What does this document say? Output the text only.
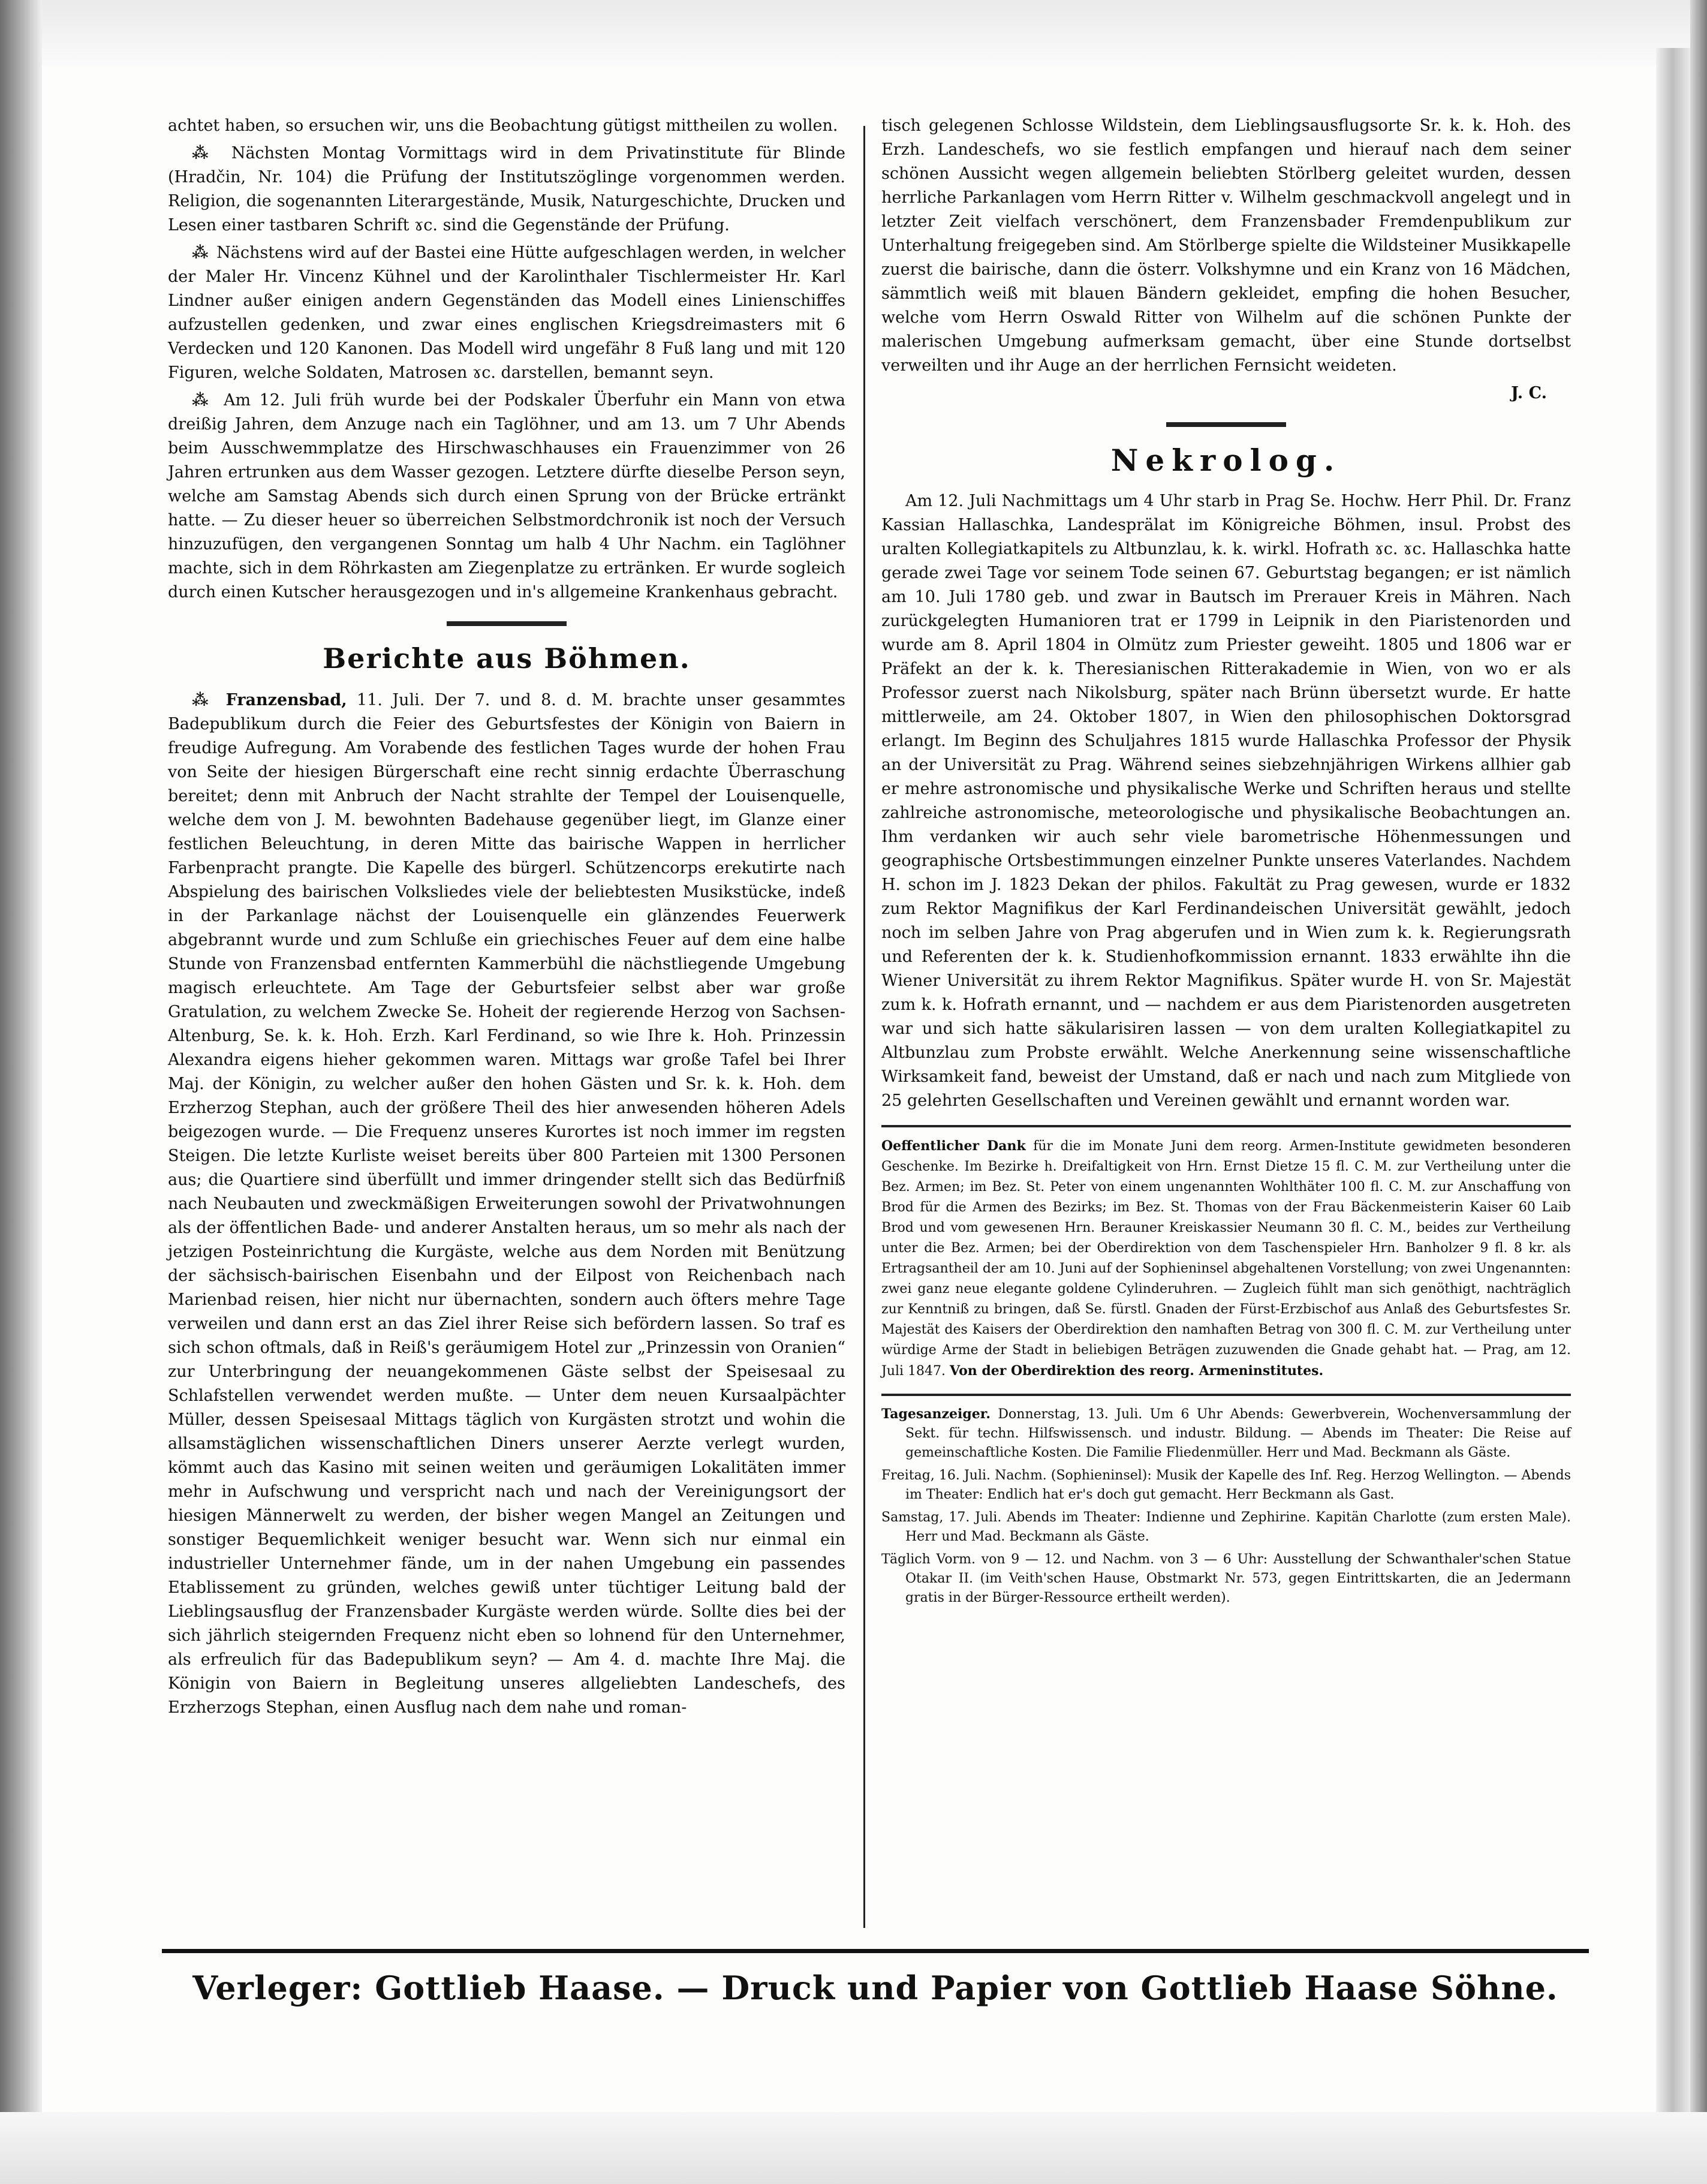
achtet haben, so ersuchen wir, uns die Beobachtung gütigst mittheilen zu wollen.

⁂ Nächsten Montag Vormittags wird in dem Privatinstitute für Blinde (Hradčin, Nr. 104) die Prüfung der Institutszöglinge vorgenommen werden. Religion, die sogenannten Literargeständе, Musik, Naturgeschichte, Drucken und Lesen einer tastbaren Schrift ɤc. sind die Gegenstände der Prüfung.

⁂ Nächstens wird auf der Bastei eine Hütte aufgeschlagen werden, in welcher der Maler Hr. Vincenz Kühnel und der Karolinthaler Tischlermeister Hr. Karl Lindner außer einigen andern Gegenständen das Modell eines Linienschiffes aufzustellen gedenken, und zwar eines englischen Kriegsdreimasters mit 6 Verdecken und 120 Kanonen. Das Modell wird ungefähr 8 Fuß lang und mit 120 Figuren, welche Soldaten, Matrosen ɤc. darstellen, bemannt seyn.

⁂ Am 12. Juli früh wurde bei der Podskaler Überfuhr ein Mann von etwa dreißig Jahren, dem Anzuge nach ein Taglöhner, und am 13. um 7 Uhr Abends beim Ausschwemmplatze des Hirschwaschhauses ein Frauenzimmer von 26 Jahren ertrunken aus dem Wasser gezogen. Letztere dürfte dieselbe Person seyn, welche am Samstag Abends sich durch einen Sprung von der Brücke ertränkt hatte. — Zu dieser heuer so überreichen Selbstmordchronik ist noch der Versuch hinzuzufügen, den vergangenen Sonntag um halb 4 Uhr Nachm. ein Taglöhner machte, sich in dem Röhrkasten am Ziegenplatze zu ertränken. Er wurde sogleich durch einen Kutscher herausgezogen und in's allgemeine Krankenhaus gebracht.

Berichte aus Böhmen.

⁂ Franzensbad, 11. Juli. Der 7. und 8. d. M. brachte unser gesammtes Badepublikum durch die Feier des Geburtsfestes der Königin von Baiern in freudige Aufregung. Am Vorabende des festlichen Tages wurde der hohen Frau von Seite der hiesigen Bürgerschaft eine recht sinnig erdachte Überraschung bereitet; denn mit Anbruch der Nacht strahlte der Tempel der Louisenquelle, welche dem von J. M. bewohnten Badehause gegenüber liegt, im Glanze einer festlichen Beleuchtung, in deren Mitte das bairische Wappen in herrlicher Farbenpracht prangte. Die Kapelle des bürgerl. Schützencorps erekutirte nach Abspielung des bairischen Volksliedes viele der beliebtesten Musikstücke, indeß in der Parkanlage nächst der Louisenquelle ein glänzendes Feuerwerk abgebrannt wurde und zum Schluße ein griechisches Feuer auf dem eine halbe Stunde von Franzensbad entfernten Kammerbühl die nächstliegende Umgebung magisch erleuchtete. Am Tage der Geburtsfeier selbst aber war große Gratulation, zu welchem Zwecke Se. Hoheit der regierende Herzog von Sachsen-Altenburg, Se. k. k. Hoh. Erzh. Karl Ferdinand, so wie Ihre k. Hoh. Prinzessin Alexandra eigens hieher gekommen waren. Mittags war große Tafel bei Ihrer Maj. der Königin, zu welcher außer den hohen Gästen und Sr. k. k. Hoh. dem Erzherzog Stephan, auch der größere Theil des hier anwesenden höheren Adels beigezogen wurde. — Die Frequenz unseres Kurortes ist noch immer im regsten Steigen. Die letzte Kurliste weiset bereits über 800 Parteien mit 1300 Personen aus; die Quartiere sind überfüllt und immer dringender stellt sich das Bedürfniß nach Neubauten und zweckmäßigen Erweiterungen sowohl der Privatwohnungen als der öffentlichen Bade- und anderer Anstalten heraus, um so mehr als nach der jetzigen Posteinrichtung die Kurgäste, welche aus dem Norden mit Benützung der sächsisch-bairischen Eisenbahn und der Eilpost von Reichenbach nach Marienbad reisen, hier nicht nur übernachten, sondern auch öfters mehre Tage verweilen und dann erst an das Ziel ihrer Reise sich befördern lassen. So traf es sich schon oftmals, daß in Reiß's geräumigem Hotel zur „Prinzessin von Oranien“ zur Unterbringung der neuangekommenen Gäste selbst der Speisesaal zu Schlafstellen verwendet werden mußte. — Unter dem neuen Kursaalpächter Müller, dessen Speisesaal Mittags täglich von Kurgästen strotzt und wohin die allsamstäglichen wissenschaftlichen Diners unserer Aerzte verlegt wurden, kömmt auch das Kasino mit seinen weiten und geräumigen Lokalitäten immer mehr in Aufschwung und verspricht nach und nach der Vereinigungsort der hiesigen Männerwelt zu werden, der bisher wegen Mangel an Zeitungen und sonstiger Bequemlichkeit weniger besucht war. Wenn sich nur einmal ein industrieller Unternehmer fände, um in der nahen Umgebung ein passendes Etablissement zu gründen, welches gewiß unter tüchtiger Leitung bald der Lieblingsausflug der Franzensbader Kurgäste werden würde. Sollte dies bei der sich jährlich steigernden Frequenz nicht eben so lohnend für den Unternehmer, als erfreulich für das Badepublikum seyn? — Am 4. d. machte Ihre Maj. die Königin von Baiern in Begleitung unseres allgeliebten Landeschefs, des Erzherzogs Stephan, einen Ausflug nach dem nahe und roman-

tisch gelegenen Schlosse Wildstein, dem Lieblingsausflugsorte Sr. k. k. Hoh. des Erzh. Landeschefs, wo sie festlich empfangen und hierauf nach dem seiner schönen Aussicht wegen allgemein beliebten Störlberg geleitet wurden, dessen herrliche Parkanlagen vom Herrn Ritter v. Wilhelm geschmackvoll angelegt und in letzter Zeit vielfach verschönert, dem Franzensbader Fremdenpublikum zur Unterhaltung freigegeben sind. Am Störlberge spielte die Wildsteiner Musikkapelle zuerst die bairische, dann die österr. Volkshymne und ein Kranz von 16 Mädchen, sämmtlich weiß mit blauen Bändern gekleidet, empfing die hohen Besucher, welche vom Herrn Oswald Ritter von Wilhelm auf die schönen Punkte der malerischen Umgebung aufmerksam gemacht, über eine Stunde dortselbst verweilten und ihr Auge an der herrlichen Fernsicht weideten.

J. C.
Nekrolog.

Am 12. Juli Nachmittags um 4 Uhr starb in Prag Se. Hochw. Herr Phil. Dr. Franz Kassian Hallaschka, Landesprälat im Königreiche Böhmen, insul. Probst des uralten Kollegiatkapitels zu Altbunzlau, k. k. wirkl. Hofrath ɤc. ɤc. Hallaschka hatte gerade zwei Tage vor seinem Tode seinen 67. Geburtstag begangen; er ist nämlich am 10. Juli 1780 geb. und zwar in Bautsch im Prerauer Kreis in Mähren. Nach zurückgelegten Humanioren trat er 1799 in Leipnik in den Piaristenorden und wurde am 8. April 1804 in Olmütz zum Priester geweiht. 1805 und 1806 war er Präfekt an der k. k. Theresianischen Ritterakademie in Wien, von wo er als Professor zuerst nach Nikolsburg, später nach Brünn übersetzt wurde. Er hatte mittlerweile, am 24. Oktober 1807, in Wien den philosophischen Doktorsgrad erlangt. Im Beginn des Schuljahres 1815 wurde Hallaschka Professor der Physik an der Universität zu Prag. Während seines siebzehnjährigen Wirkens allhier gab er mehre astronomische und physikalische Werke und Schriften heraus und stellte zahlreiche astronomische, meteorologische und physikalische Beobachtungen an. Ihm verdanken wir auch sehr viele barometrische Höhenmessungen und geographische Ortsbestimmungen einzelner Punkte unseres Vaterlandes. Nachdem H. schon im J. 1823 Dekan der philos. Fakultät zu Prag gewesen, wurde er 1832 zum Rektor Magnifikus der Karl Ferdinandeischen Universität gewählt, jedoch noch im selben Jahre von Prag abgerufen und in Wien zum k. k. Regierungsrath und Referenten der k. k. Studienhofkommission ernannt. 1833 erwählte ihn die Wiener Universität zu ihrem Rektor Magnifikus. Später wurde H. von Sr. Majestät zum k. k. Hofrath ernannt, und — nachdem er aus dem Piaristenorden ausgetreten war und sich hatte säkularisiren lassen — von dem uralten Kollegiatkapitel zu Altbunzlau zum Probste erwählt. Welche Anerkennung seine wissenschaftliche Wirksamkeit fand, beweist der Umstand, daß er nach und nach zum Mitgliede von 25 gelehrten Gesellschaften und Vereinen gewählt und ernannt worden war.

Oeffentlicher Dank für die im Monate Juni dem reorg. Armen-Institute gewidmeten besonderen Geschenke. Im Bezirke h. Dreifaltigkeit von Hrn. Ernst Dietze 15 fl. C. M. zur Vertheilung unter die Bez. Armen; im Bez. St. Peter von einem ungenannten Wohlthäter 100 fl. C. M. zur Anschaffung von Brod für die Armen des Bezirks; im Bez. St. Thomas von der Frau Bäckenmeisterin Kaiser 60 Laib Brod und vom gewesenen Hrn. Berauner Kreiskassier Neumann 30 fl. C. M., beides zur Vertheilung unter die Bez. Armen; bei der Oberdirektion von dem Taschenspieler Hrn. Banholzer 9 fl. 8 kr. als Ertragsantheil der am 10. Juni auf der Sophieninsel abgehaltenen Vorstellung; von zwei Ungenannten: zwei ganz neue elegante goldene Cylinderuhren. — Zugleich fühlt man sich genöthigt, nachträglich zur Kenntniß zu bringen, daß Se. fürstl. Gnaden der Fürst-Erzbischof aus Anlaß des Geburtsfestes Sr. Majestät des Kaisers der Oberdirektion den namhaften Betrag von 300 fl. C. M. zur Vertheilung unter würdige Arme der Stadt in beliebigen Beträgen zuzuwenden die Gnade gehabt hat. — Prag, am 12. Juli 1847. Von der Oberdirektion des reorg. Armeninstitutes.

Tagesanzeiger. Donnerstag, 13. Juli. Um 6 Uhr Abends: Gewerbverein, Wochenversammlung der Sekt. für techn. Hilfswissensch. und industr. Bildung. — Abends im Theater: Die Reise auf gemeinschaftliche Kosten. Die Familie Fliedenmüller. Herr und Mad. Beckmann als Gäste.

Freitag, 16. Juli. Nachm. (Sophieninsel): Musik der Kapelle des Inf. Reg. Herzog Wellington. — Abends im Theater: Endlich hat er's doch gut gemacht. Herr Beckmann als Gast.

Samstag, 17. Juli. Abends im Theater: Indienne und Zephirine. Kapitän Charlotte (zum ersten Male). Herr und Mad. Beckmann als Gäste.

Täglich Vorm. von 9 — 12. und Nachm. von 3 — 6 Uhr: Ausstellung der Schwanthaler'schen Statue Otakar II. (im Veith'schen Hause, Obstmarkt Nr. 573, gegen Eintrittskarten, die an Jedermann gratis in der Bürger-Ressource ertheilt werden).

Verleger: Gottlieb Haase. — Druck und Papier von Gottlieb Haase Söhne.
